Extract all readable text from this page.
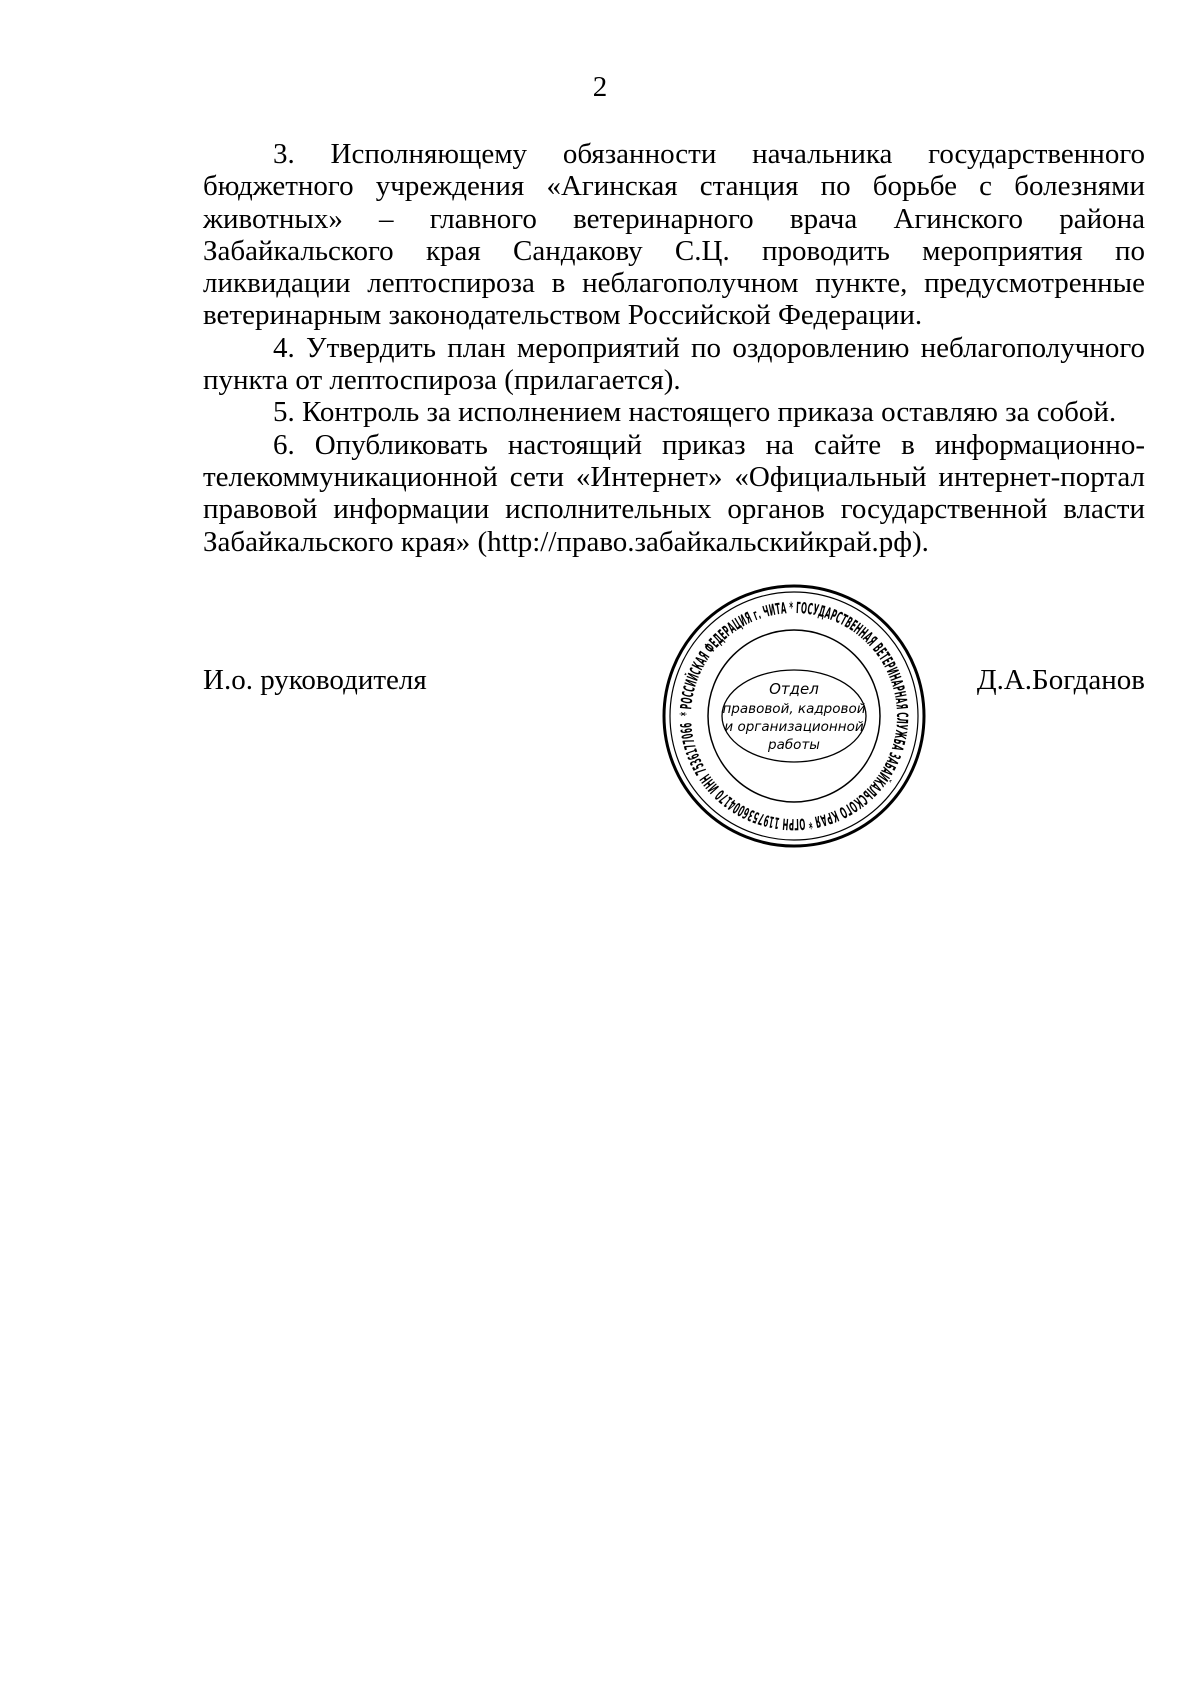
2

3. Исполняющему обязанности начальника государственного бюджетного учреждения «Агинская станция по борьбе с болезнями животных» – главного ветеринарного врача Агинского района Забайкальского края Сандакову С.Ц. проводить мероприятия по ликвидации лептоспироза в неблагополучном пункте, предусмотренные ветеринарным законодательством Российской Федерации.

4. Утвердить план мероприятий по оздоровлению неблагополучного пункта от лептоспироза (прилагается).

5. Контроль за исполнением настоящего приказа оставляю за собой.

6. Опубликовать настоящий приказ на сайте в информационно-телекоммуникационной сети «Интернет» «Официальный интернет-портал правовой информации исполнительных органов государственной власти Забайкальского края» (http://право.забайкальскийкрай.рф).

И.о. руководителя
* РОССИЙСКАЯ ФЕДЕРАЦИЯ г. ЧИТА * ГОСУДАРСТВЕННАЯ ВЕТЕРИНАРНАЯ СЛУЖБА ЗАБАЙКАЛЬСКОГО КРАЯ * ОГРН 1197536004170 ИНН 7536177066
Отдел
правовой, кадровой
и организационной
работы
Д.А.Богданов
